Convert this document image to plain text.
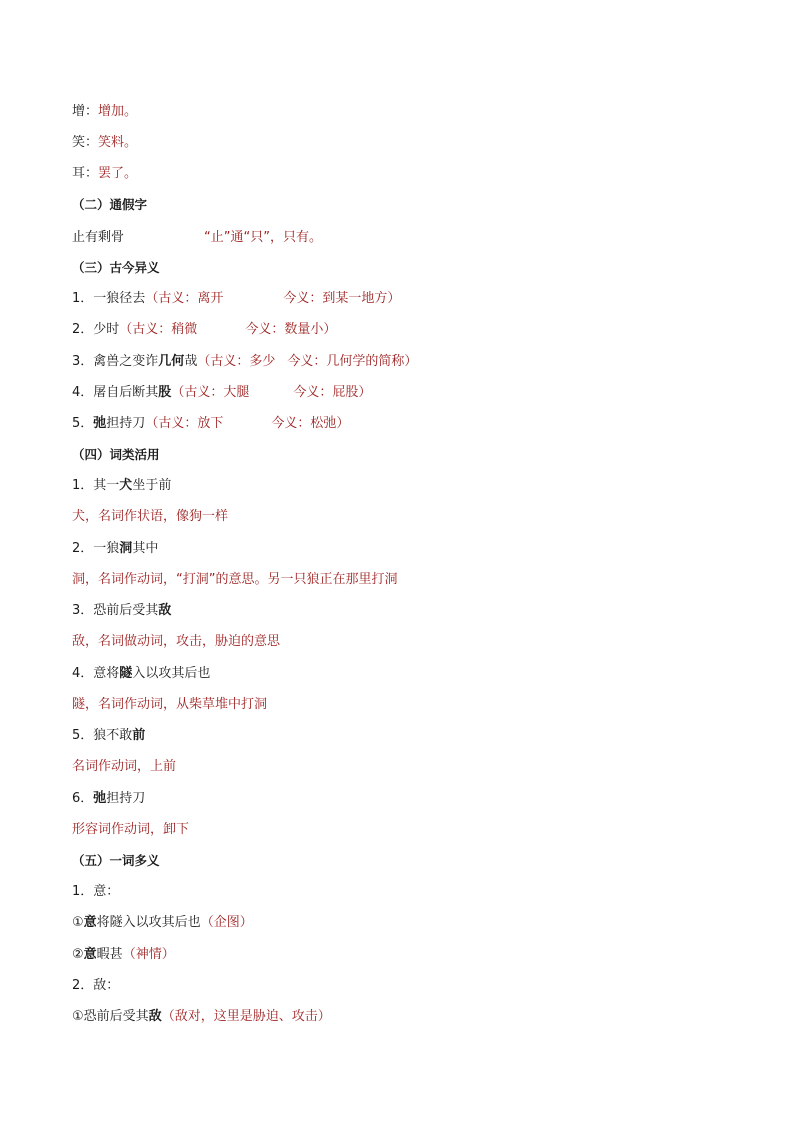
增：增加。
笑：笑料。
耳：罢了。
（二）通假字
止有剩骨	“止”通“只”，只有。
（三）古今异义
1．一狼径去（古义：离开	今义：到某一地方）
2．少时（古义：稍微	今义：数量小）
3．禽兽之变诈几何哉（古义：多少 今义：几何学的简称）
4．屠自后断其股（古义：大腿	今义：屁股）
5．弛担持刀（古义：放下	今义：松弛）
（四）词类活用
1．其一犬坐于前
犬，名词作状语，像狗一样
2．一狼洞其中
洞，名词作动词，“打洞”的意思。另一只狼正在那里打洞
3．恐前后受其敌
敌，名词做动词，攻击，胁迫的意思
4．意将隧入以攻其后也
隧，名词作动词，从柴草堆中打洞
5．狼不敢前
名词作动词，上前
6．弛担持刀
形容词作动词，卸下
（五）一词多义
1．意：
①意将隧入以攻其后也（企图）
②意暇甚（神情）
2．敌：
①恐前后受其敌（敌对，这里是胁迫、攻击）
